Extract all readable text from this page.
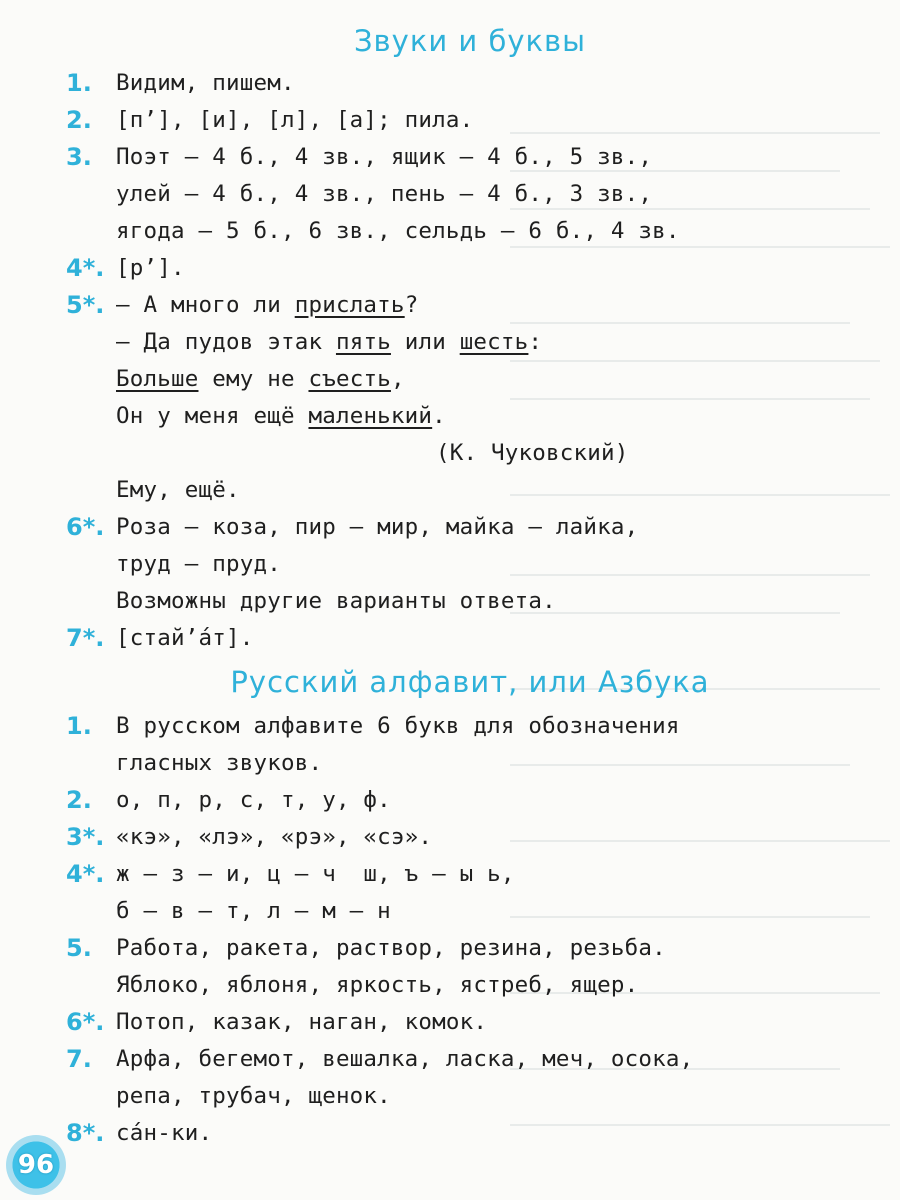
Звуки и буквы
1. Видим, пишем.
2. [п’], [и], [л], [а]; пила.
3. Поэт — 4 б., 4 зв., ящик — 4 б., 5 зв.,
улей — 4 б., 4 зв., пень — 4 б., 3 зв.,
ягода — 5 б., 6 зв., сельдь — 6 б., 4 зв.
4*. [р’].
5*. — А много ли прислать?
— Да пудов этак пять или шесть:
Больше ему не съесть,
Он у меня ещё маленький.
(К. Чуковский)
Ему, ещё.
6*. Роза — коза, пир — мир, майка — лайка,
труд — пруд.
Возможны другие варианты ответа.
7*. [стай’а́т].
Русский алфавит, или Азбука
1. В русском алфавите 6 букв для обозначения
гласных звуков.
2. о, п, р, с, т, у, ф.
3*. «кэ», «лэ», «рэ», «сэ».
4*. ж — з — и, ц — ч  ш, ъ — ы ь,
б — в — т, л — м — н
5. Работа, ракета, раствор, резина, резьба.
Яблоко, яблоня, яркость, ястреб, ящер.
6*. Потоп, казак, наган, комок.
7. Арфа, бегемот, вешалка, ласка, меч, осока,
репа, трубач, щенок.
8*. са́н-ки.
96
